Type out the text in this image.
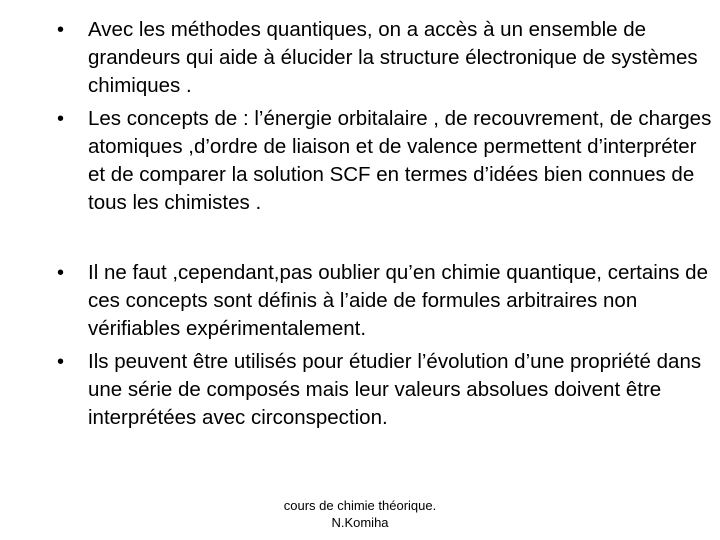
• Avec les méthodes quantiques, on a accès à un ensemble de grandeurs qui aide à élucider la structure électronique de systèmes chimiques .
• Les concepts de : l’énergie orbitalaire , de recouvrement, de charges atomiques ,d’ordre de liaison et de valence permettent d’interpréter et de comparer la solution SCF en termes d’idées bien connues de tous les chimistes .
• Il ne faut ,cependant,pas oublier qu’en chimie quantique, certains de ces concepts sont définis à l’aide de formules arbitraires non vérifiables expérimentalement.
• Ils peuvent être utilisés pour étudier l’évolution d’une propriété dans une série de composés mais leur valeurs absolues doivent être interprétées avec circonspection.
cours de chimie théorique.
N.Komiha
